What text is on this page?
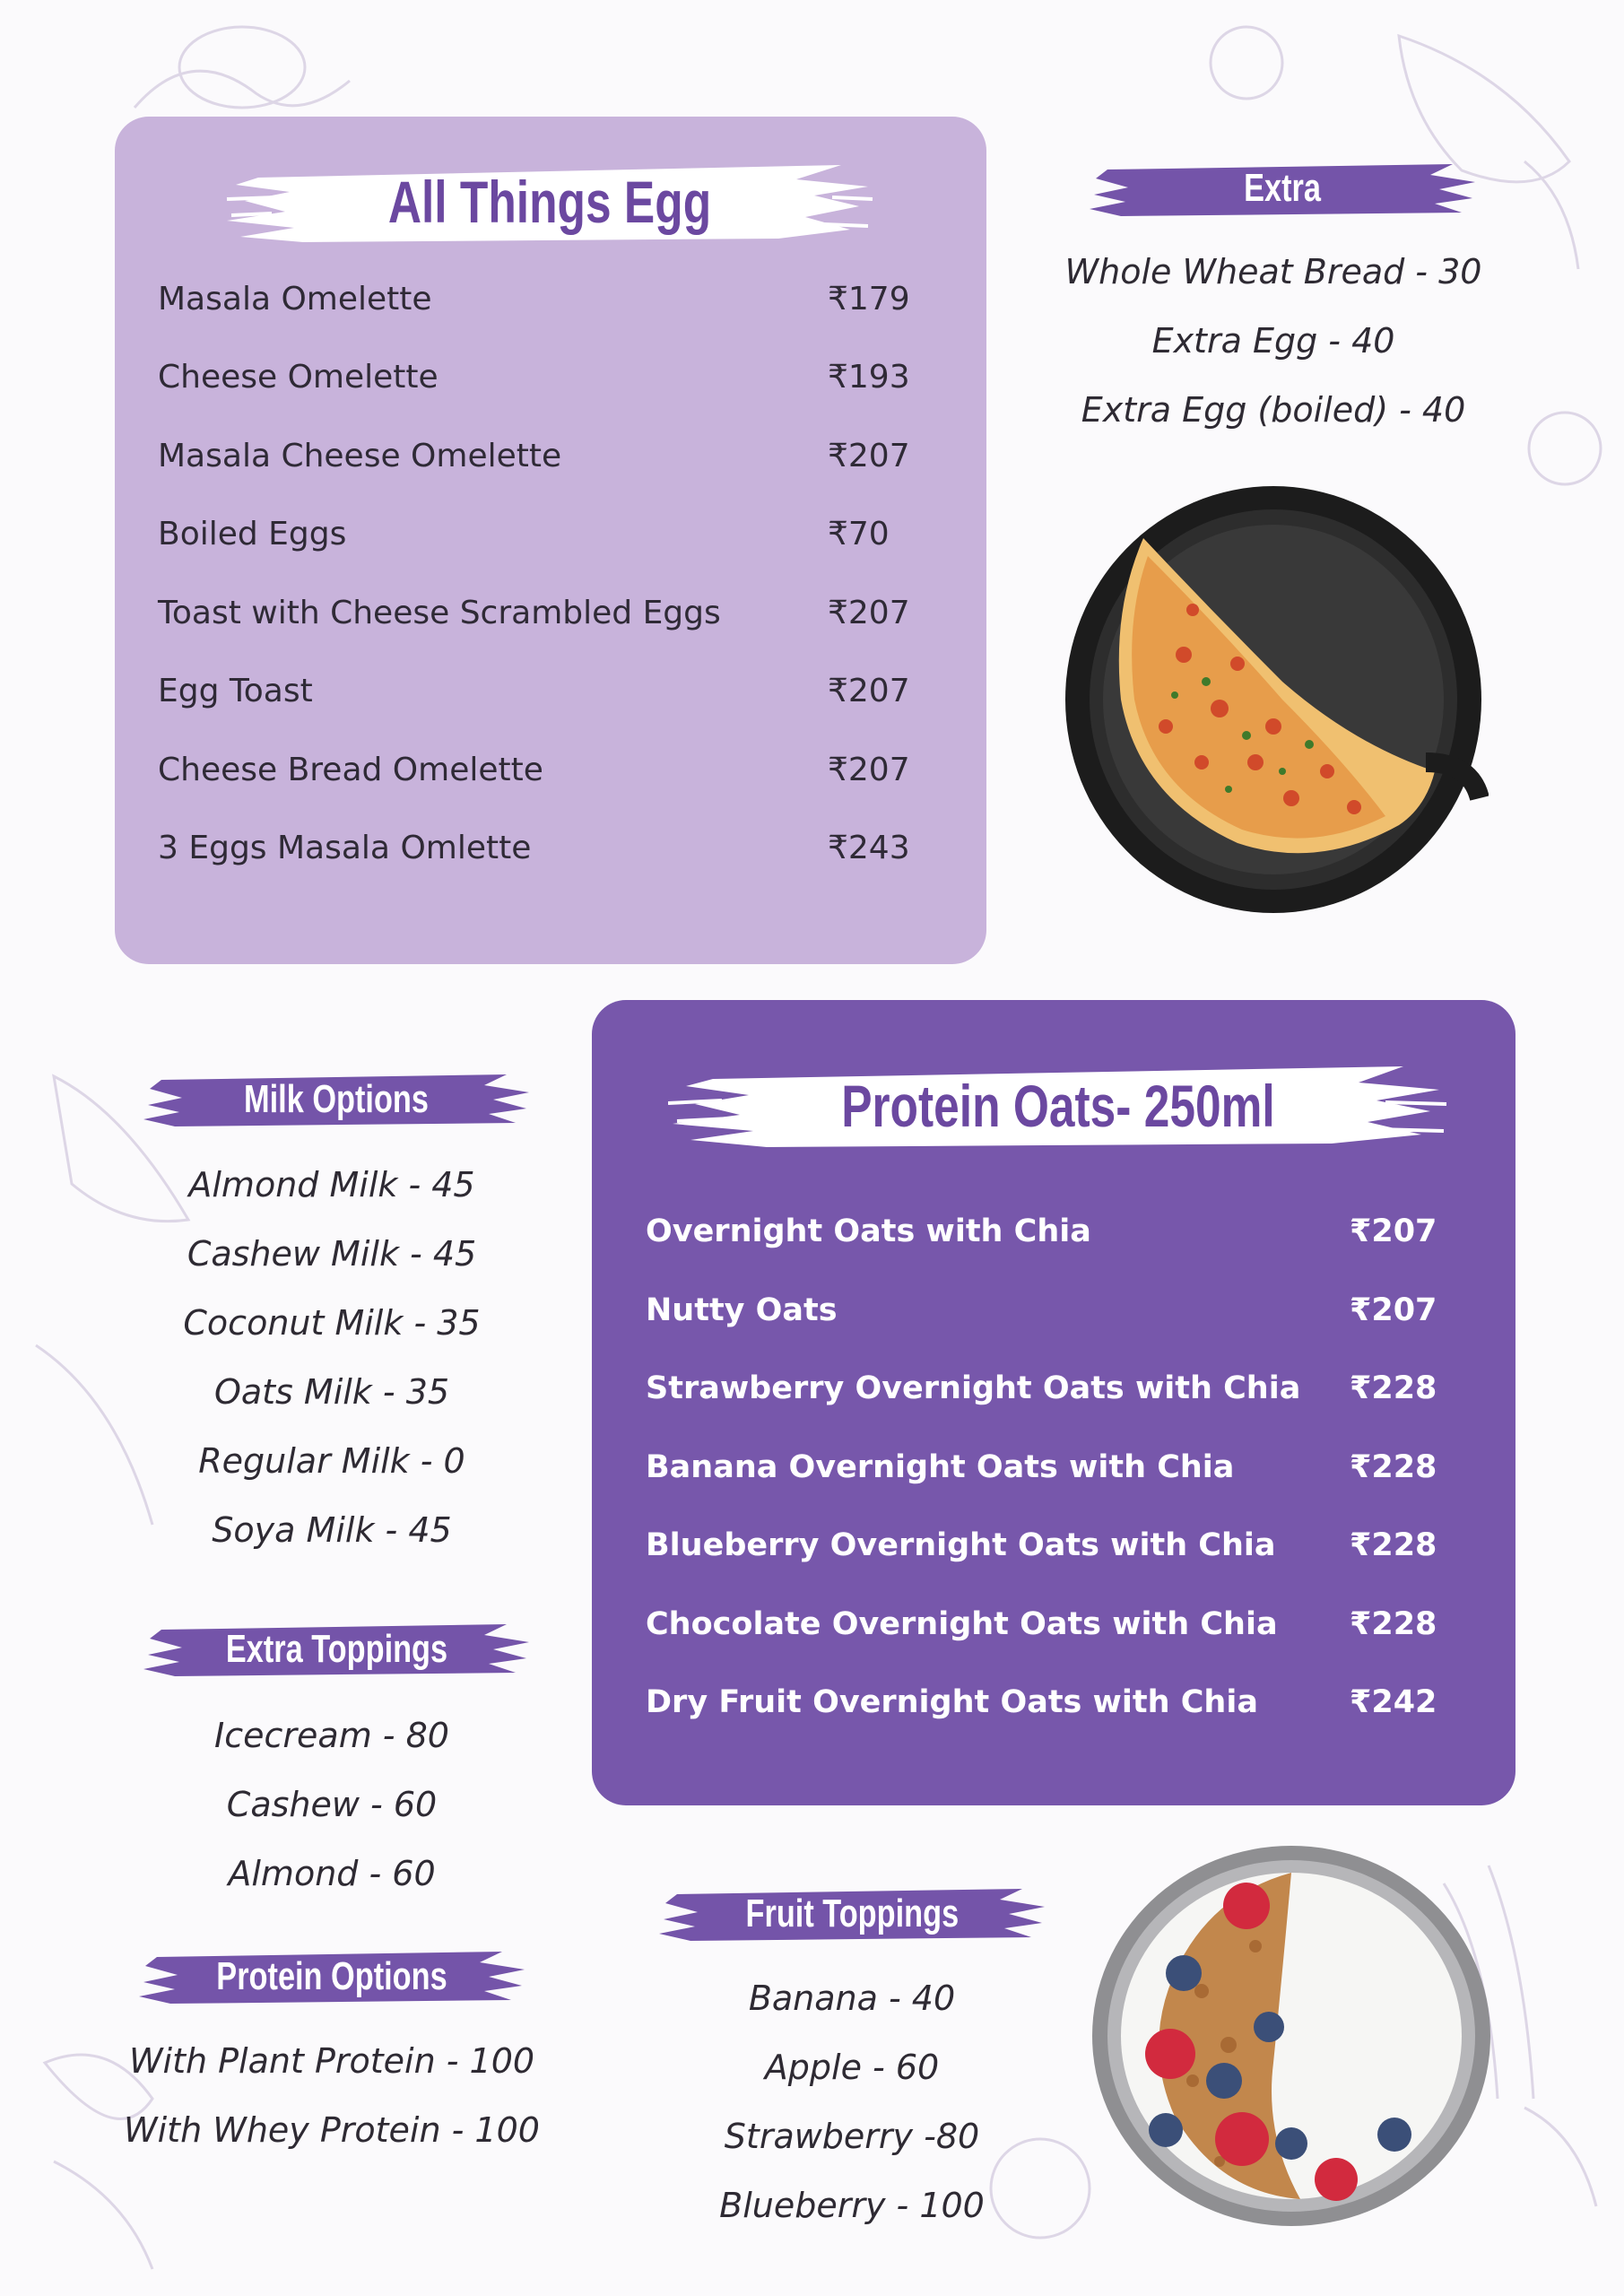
All Things Egg
Masala Omelette	₹179
Cheese Omelette	₹193
Masala Cheese Omelette	₹207
Boiled Eggs	₹70
Toast with Cheese Scrambled Eggs	₹207
Egg Toast	₹207
Cheese Bread Omelette	₹207
3 Eggs Masala Omlette	₹243
Extra
Whole Wheat Bread - 30
Extra Egg - 40
Extra Egg (boiled) - 40
Milk Options
Almond Milk - 45
Cashew Milk - 45
Coconut Milk - 35
Oats Milk - 35
Regular Milk - 0
Soya Milk - 45
Extra Toppings
Icecream - 80
Cashew - 60
Almond - 60
Protein Options
With Plant Protein - 100
With Whey Protein - 100
Protein Oats- 250ml
Overnight Oats with Chia	₹207
Nutty Oats	₹207
Strawberry Overnight Oats with Chia ₹228
Banana Overnight Oats with Chia	₹228
Blueberry Overnight Oats with Chia ₹228
Chocolate Overnight Oats with Chia ₹228
Dry Fruit Overnight Oats with Chia	₹242
Fruit Toppings
Banana - 40
Apple - 60
Strawberry -80
Blueberry - 100
